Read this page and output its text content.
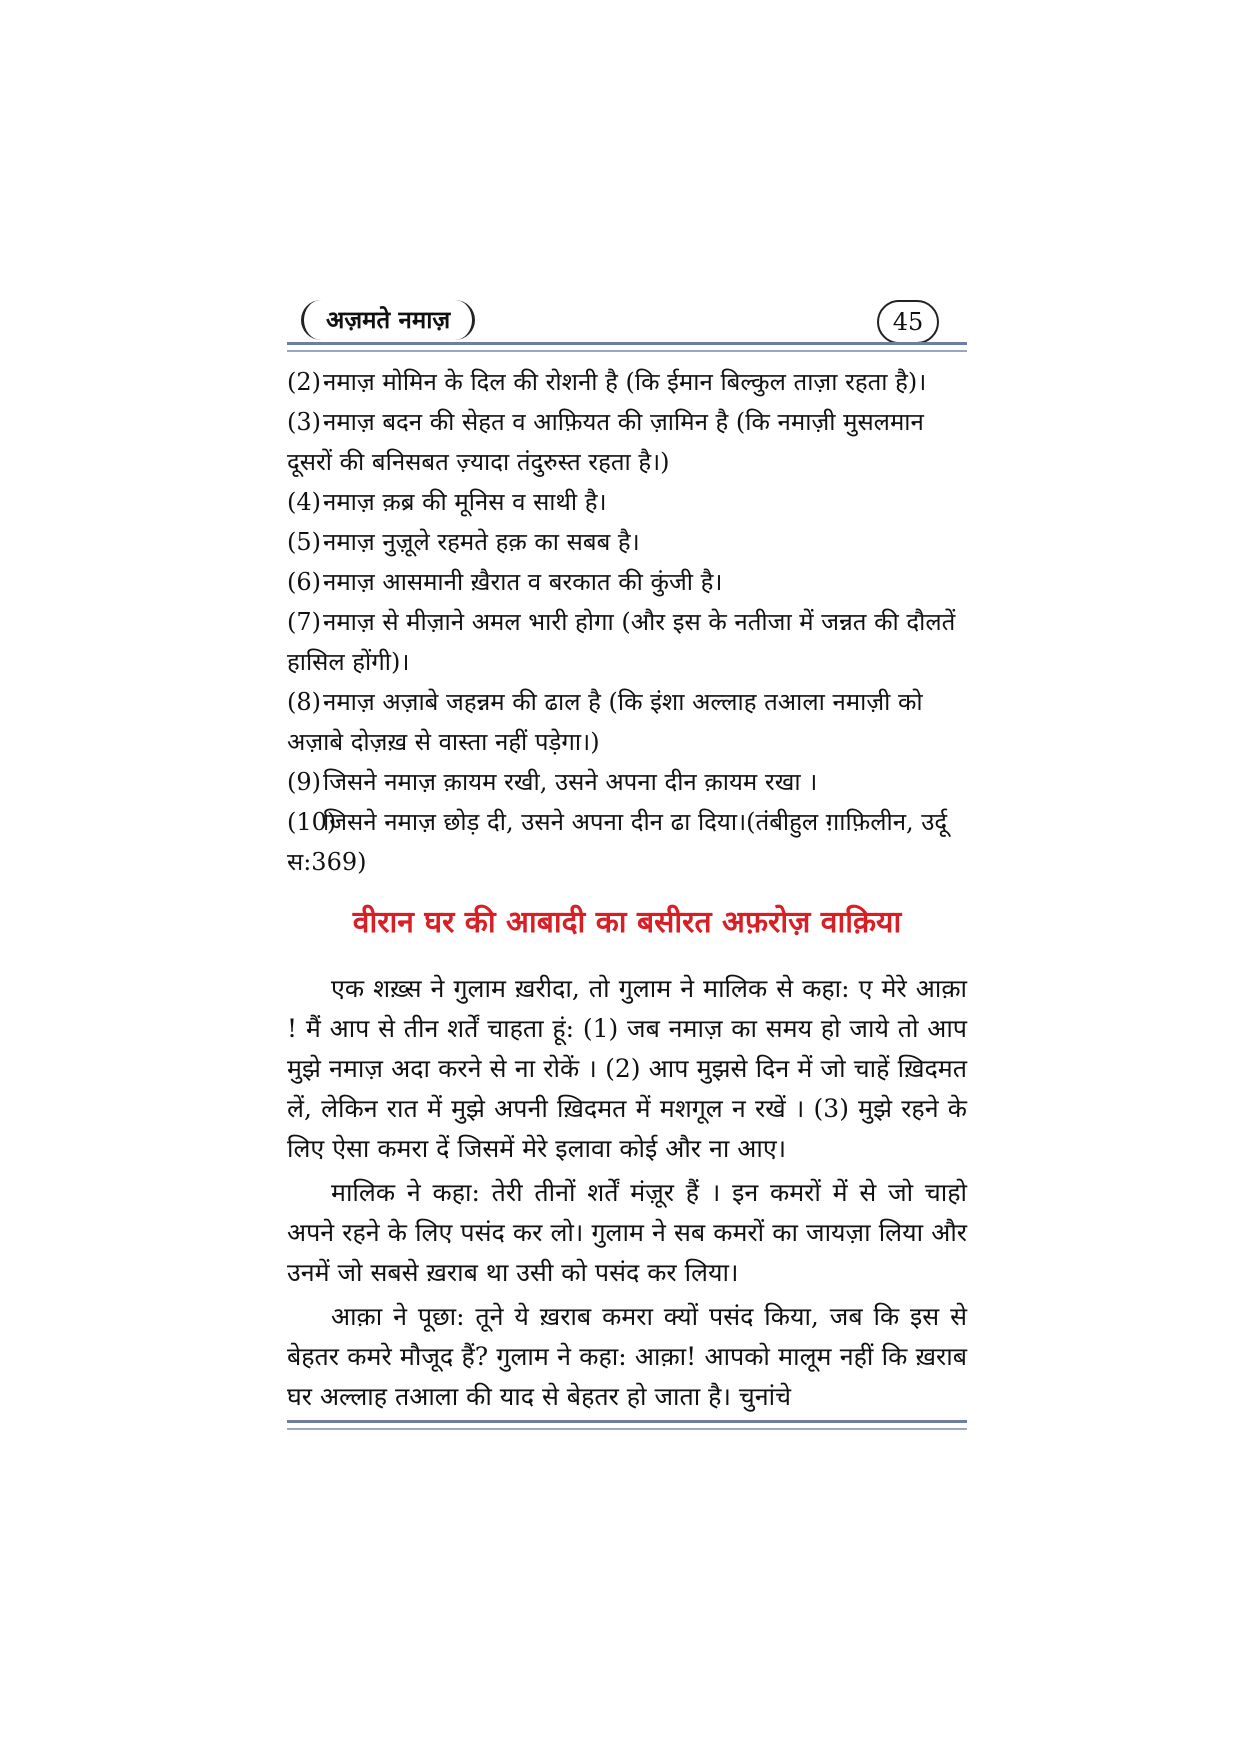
अज़मते नमाज़	45
(2)नमाज़ मोमिन के दिल की रोशनी है (कि ईमान बिल्कुल ताज़ा रहता है)।
(3)नमाज़ बदन की सेहत व आफ़ियत की ज़ामिन है (कि नमाज़ी मुसलमान दूसरों की बनिसबत ज़्यादा तंदुरुस्त रहता है।)
(4)नमाज़ क़ब्र की मूनिस व साथी है।
(5)नमाज़ नुज़ूले रहमते हक़ का सबब है।
(6)नमाज़ आसमानी ख़ैरात व बरकात की कुंजी है।
(7)नमाज़ से मीज़ाने अमल भारी होगा (और इस के नतीजा में जन्नत की दौलतें हासिल होंगी)।
(8)नमाज़ अज़ाबे जहन्नम की ढाल है (कि इंशा अल्लाह तआला नमाज़ी को अज़ाबे दोज़ख़ से वास्ता नहीं पड़ेगा।)
(9)जिसने नमाज़ क़ायम रखी, उसने अपना दीन क़ायम रखा ।
(10)जिसने नमाज़ छोड़ दी, उसने अपना दीन ढा दिया।(तंबीहुल ग़ाफ़िलीन, उर्दू स:369)
वीरान घर की आबादी का बसीरत अफ़रोज़ वाक़िया

एक शख़्स ने गुलाम ख़रीदा, तो गुलाम ने मालिक से कहा: ए मेरे आक़ा ! मैं आप से तीन शर्तें चाहता हूं: (1) जब नमाज़ का समय हो जाये तो आप मुझे नमाज़ अदा करने से ना रोकें । (2) आप मुझसे दिन में जो चाहें ख़िदमत लें, लेकिन रात में मुझे अपनी ख़िदमत में मशगूल न रखें । (3) मुझे रहने के लिए ऐसा कमरा दें जिसमें मेरे इलावा कोई और ना आए।

मालिक ने कहा: तेरी तीनों शर्तें मंज़ूर हैं । इन कमरों में से जो चाहो अपने रहने के लिए पसंद कर लो। गुलाम ने सब कमरों का जायज़ा लिया और उनमें जो सबसे ख़राब था उसी को पसंद कर लिया।

आक़ा ने पूछा: तूने ये ख़राब कमरा क्यों पसंद किया, जब कि इस से बेहतर कमरे मौजूद हैं? गुलाम ने कहा: आक़ा! आपको मालूम नहीं कि ख़राब घर अल्लाह तआला की याद से बेहतर हो जाता है। चुनांचे
